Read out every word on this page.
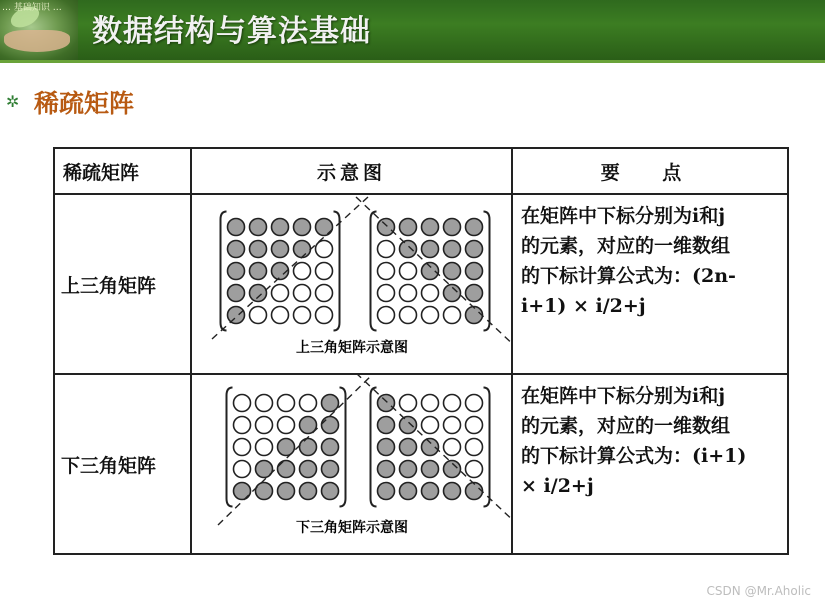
… 基础知识 …
数据结构与算法基础
✲ 稀疏矩阵
稀疏矩阵	示意图	要 点
上三角矩阵	上三角矩阵示意图	在矩阵中下标分别为i和j
的元素，对应的一维数组
的下标计算公式为：(2n-
i+1) × i/2+j

下三角矩阵	下三角矩阵示意图	在矩阵中下标分别为i和j
的元素，对应的一维数组
的下标计算公式为：(i+1)
× i/2+j
CSDN @Mr.Aholic
